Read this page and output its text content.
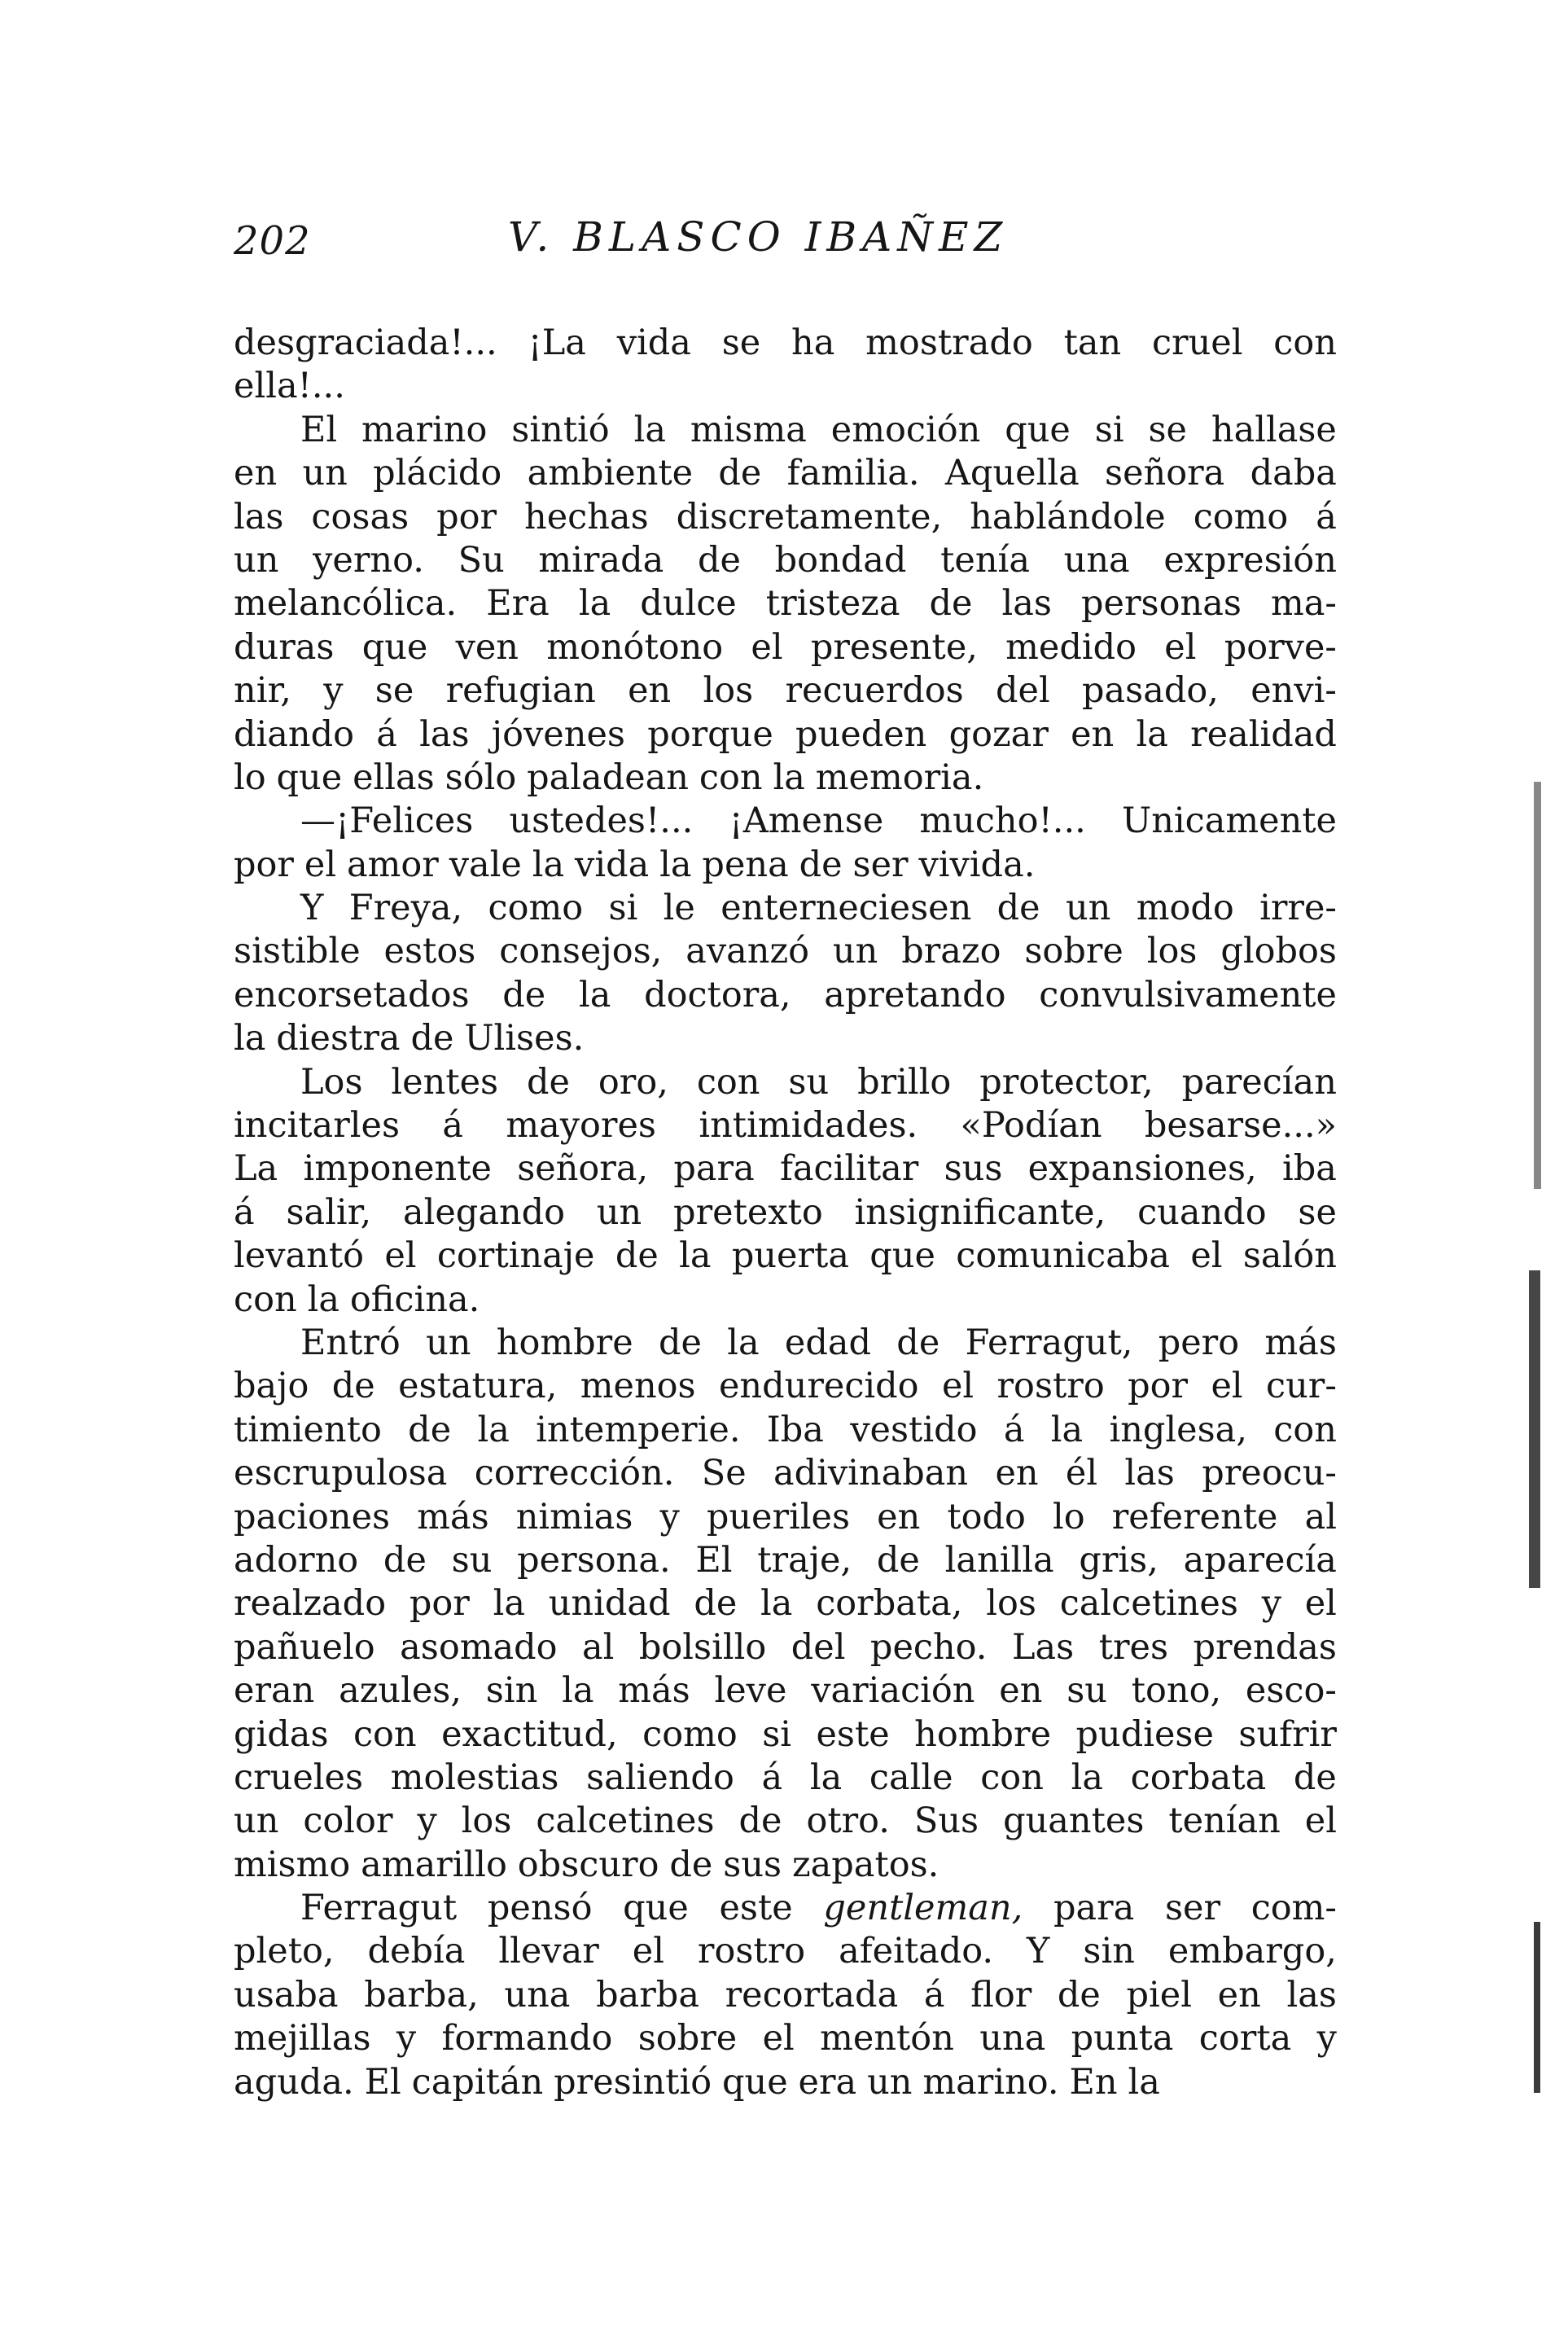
202	V. BLASCO IBAÑEZ
desgraciada!... ¡La vida se ha mostrado tan cruel con
ella!...
El marino sintió la misma emoción que si se hallase
en un plácido ambiente de familia. Aquella señora daba
las cosas por hechas discretamente, hablándole como á
un yerno. Su mirada de bondad tenía una expresión
melancólica. Era la dulce tristeza de las personas ma-
duras que ven monótono el presente, medido el porve-
nir, y se refugian en los recuerdos del pasado, envi-
diando á las jóvenes porque pueden gozar en la realidad
lo que ellas sólo paladean con la memoria.
—¡Felices ustedes!... ¡Amense mucho!... Unicamente
por el amor vale la vida la pena de ser vivida.
Y Freya, como si le enterneciesen de un modo irre-
sistible estos consejos, avanzó un brazo sobre los globos
encorsetados de la doctora, apretando convulsivamente
la diestra de Ulises.
Los lentes de oro, con su brillo protector, parecían
incitarles á mayores intimidades. «Podían besarse...»
La imponente señora, para facilitar sus expansiones, iba
á salir, alegando un pretexto insignificante, cuando se
levantó el cortinaje de la puerta que comunicaba el salón
con la oficina.
Entró un hombre de la edad de Ferragut, pero más
bajo de estatura, menos endurecido el rostro por el cur-
timiento de la intemperie. Iba vestido á la inglesa, con
escrupulosa corrección. Se adivinaban en él las preocu-
paciones más nimias y pueriles en todo lo referente al
adorno de su persona. El traje, de lanilla gris, aparecía
realzado por la unidad de la corbata, los calcetines y el
pañuelo asomado al bolsillo del pecho. Las tres prendas
eran azules, sin la más leve variación en su tono, esco-
gidas con exactitud, como si este hombre pudiese sufrir
crueles molestias saliendo á la calle con la corbata de
un color y los calcetines de otro. Sus guantes tenían el
mismo amarillo obscuro de sus zapatos.
Ferragut pensó que este gentleman, para ser com-
pleto, debía llevar el rostro afeitado. Y sin embargo,
usaba barba, una barba recortada á flor de piel en las
mejillas y formando sobre el mentón una punta corta y
aguda. El capitán presintió que era un marino. En la
